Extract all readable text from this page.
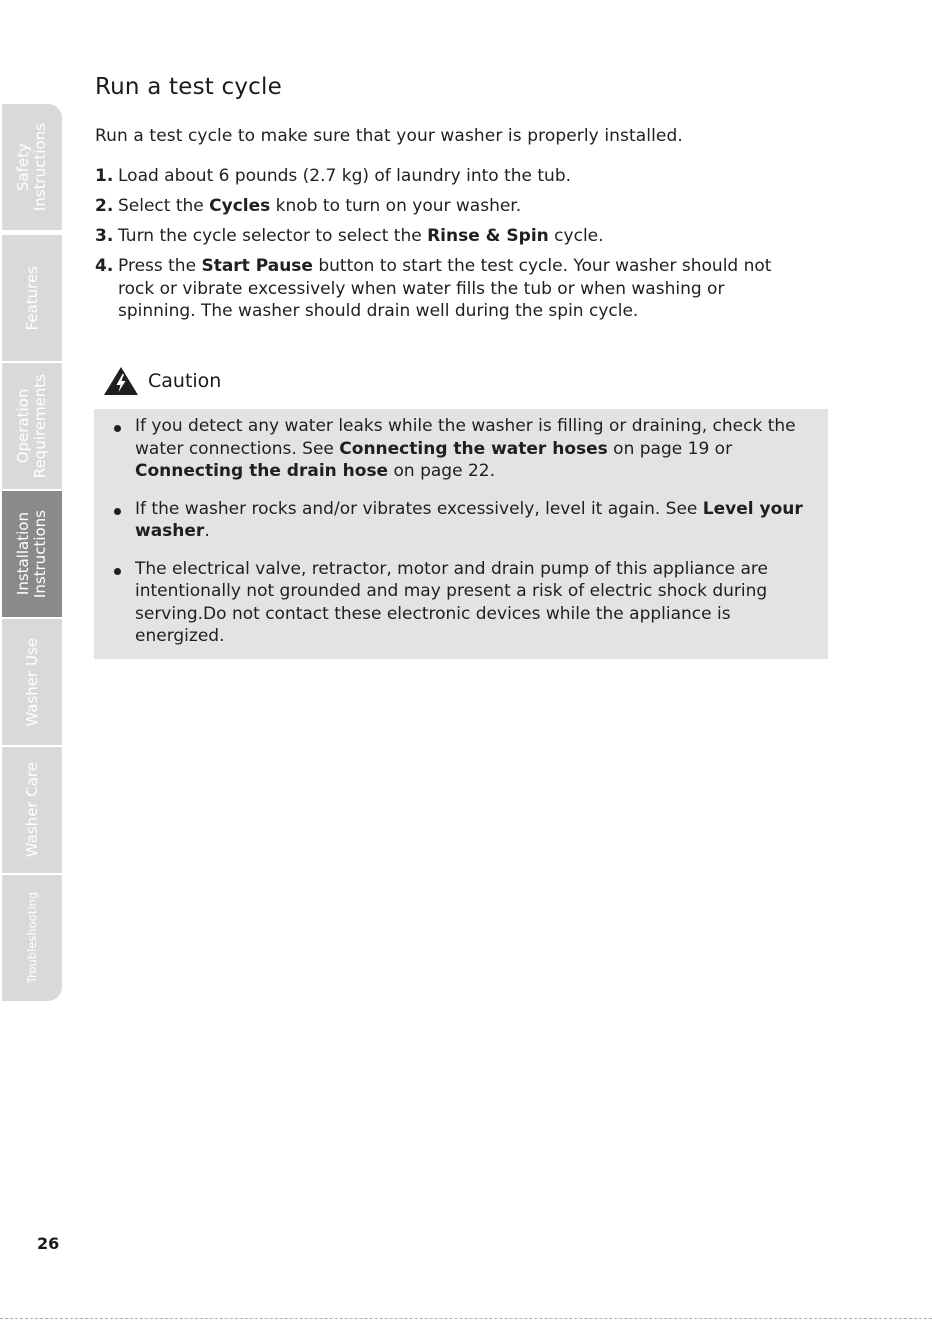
Safety
Instructions
Features
Operation
Requirements
Installation
Instructions
Washer Use
Washer Care
Troubleshooting
Run a test cycle
Run a test cycle to make sure that your washer is properly installed.
1. Load about 6 pounds (2.7 kg) of laundry into the tub.
2. Select the Cycles knob to turn on your washer.
3. Turn the cycle selector to select the Rinse & Spin cycle.
4. Press the Start Pause button to start the test cycle. Your washer should not rock or vibrate excessively when water fills the tub or when washing or spinning. The washer should drain well during the spin cycle.
Caution
If you detect any water leaks while the washer is filling or draining, check the water connections. See Connecting the water hoses on page 19 or Connecting the drain hose on page 22.
If the washer rocks and/or vibrates excessively, level it again. See Level your washer.
The electrical valve, retractor, motor and drain pump of this appliance are intentionally not grounded and may present a risk of electric shock during serving.Do not contact these electronic devices while the appliance is energized.
26
